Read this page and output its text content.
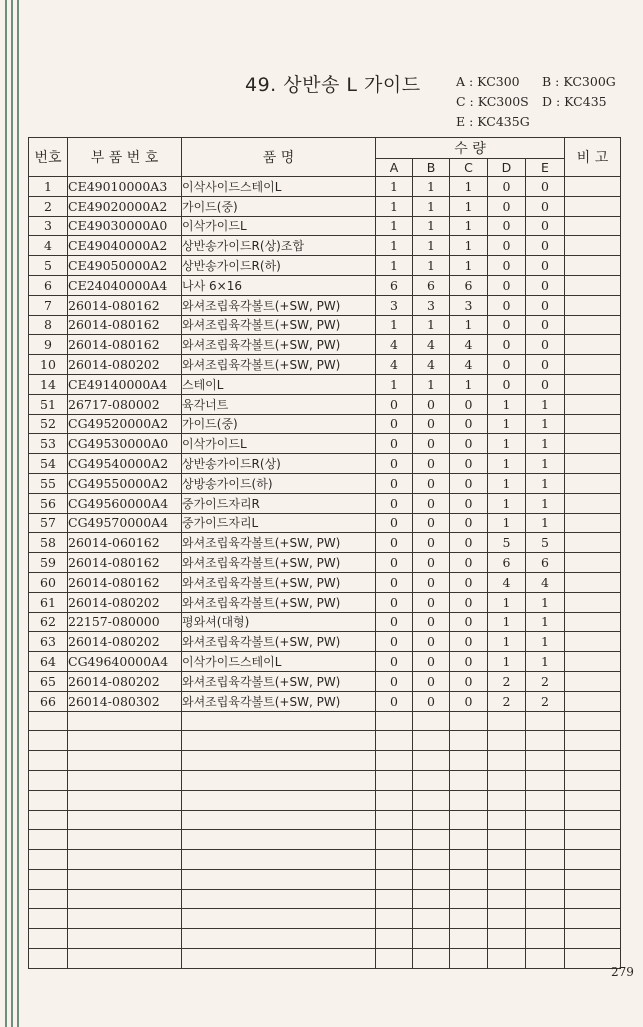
49. 상반송 L 가이드	A : KC300 B : KC300G
C : KC300S D : KC435
E : KC435G
번호	부 품 번 호	품 명	수 량					비 고
			A	B	C	D	E	
1	CE49010000A3	이삭사이드스테이L	1	1	1	0	0	
2	CE49020000A2	가이드(중)	1	1	1	0	0	
3	CE49030000A0	이삭가이드L	1	1	1	0	0	
4	CE49040000A2	상반송가이드R(상)조합	1	1	1	0	0	
5	CE49050000A2	상반송가이드R(하)	1	1	1	0	0	
6	CE24040000A4	나사 6×16	6	6	6	0	0	
7	26014-080162	와셔조립육각볼트(+SW, PW)	3	3	3	0	0	
8	26014-080162	와셔조립육각볼트(+SW, PW)	1	1	1	0	0	
9	26014-080162	와셔조립육각볼트(+SW, PW)	4	4	4	0	0	
10	26014-080202	와셔조립육각볼트(+SW, PW)	4	4	4	0	0	
14	CE49140000A4	스테이L	1	1	1	0	0	
51	26717-080002	육각너트	0	0	0	1	1	
52	CG49520000A2	가이드(중)	0	0	0	1	1	
53	CG49530000A0	이삭가이드L	0	0	0	1	1	
54	CG49540000A2	상반송가이드R(상)	0	0	0	1	1	
55	CG49550000A2	상방송가이드(하)	0	0	0	1	1	
56	CG49560000A4	중가이드자리R	0	0	0	1	1	
57	CG49570000A4	중가이드자리L	0	0	0	1	1	
58	26014-060162	와셔조립육각볼트(+SW, PW)	0	0	0	5	5	
59	26014-080162	와셔조립육각볼트(+SW, PW)	0	0	0	6	6	
60	26014-080162	와셔조립육각볼트(+SW, PW)	0	0	0	4	4	
61	26014-080202	와셔조립육각볼트(+SW, PW)	0	0	0	1	1	
62	22157-080000	평와셔(대형)	0	0	0	1	1	
63	26014-080202	와셔조립육각볼트(+SW, PW)	0	0	0	1	1	
64	CG49640000A4	이삭가이드스테이L	0	0	0	1	1	
65	26014-080202	와셔조립육각볼트(+SW, PW)	0	0	0	2	2	
66	26014-080302	와셔조립육각볼트(+SW, PW)	0	0	0	2	2	

279
